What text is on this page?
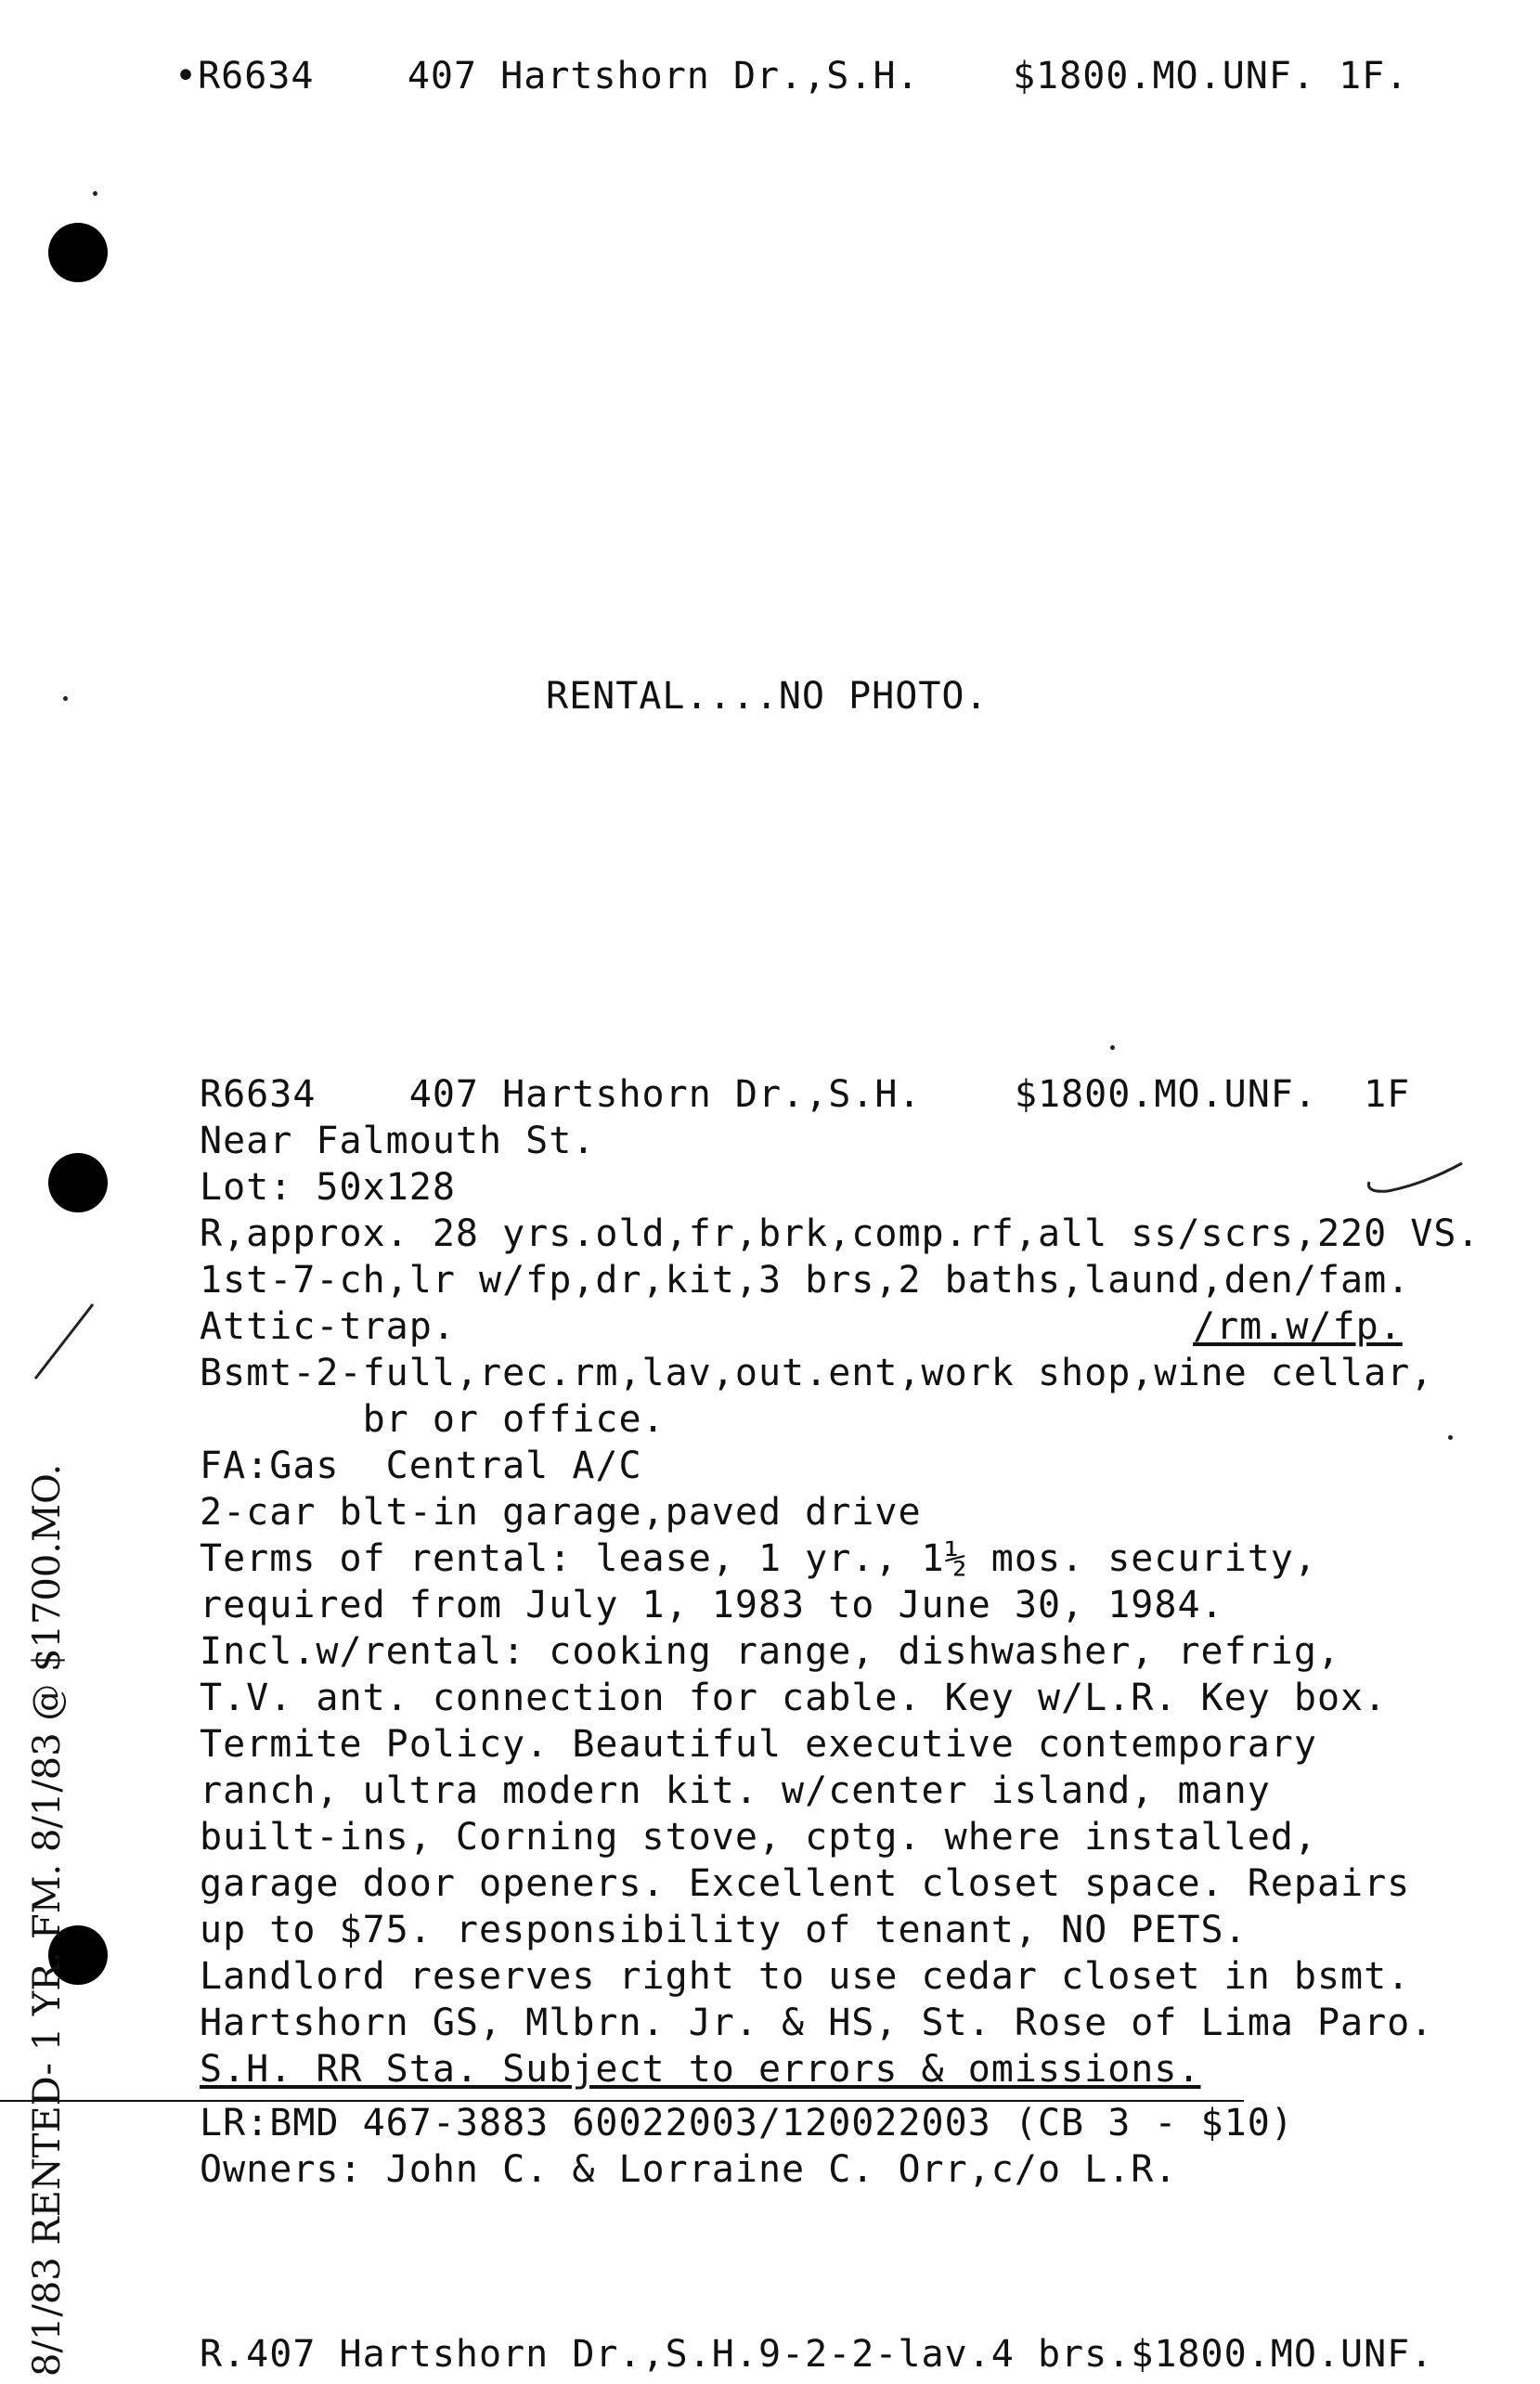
•R6634    407 Hartshorn Dr.,S.H.    $1800.MO.UNF. 1F.
RENTAL....NO PHOTO.
R6634    407 Hartshorn Dr.,S.H.    $1800.MO.UNF.  1F
Near Falmouth St.
Lot: 50x128
R,approx. 28 yrs.old,fr,brk,comp.rf,all ss/scrs,220 VS.
1st-7-ch,lr w/fp,dr,kit,3 brs,2 baths,laund,den/fam.
Attic-trap.	/rm.w/fp.
Bsmt-2-full,rec.rm,lav,out.ent,work shop,wine cellar,
br or office.
FA:Gas  Central A/C
2-car blt-in garage,paved drive
Terms of rental: lease, 1 yr., 1½ mos. security,
required from July 1, 1983 to June 30, 1984.
Incl.w/rental: cooking range, dishwasher, refrig,
T.V. ant. connection for cable. Key w/L.R. Key box.
Termite Policy. Beautiful executive contemporary
ranch, ultra modern kit. w/center island, many
built-ins, Corning stove, cptg. where installed,
garage door openers. Excellent closet space. Repairs
up to $75. responsibility of tenant, NO PETS.
Landlord reserves right to use cedar closet in bsmt.
Hartshorn GS, Mlbrn. Jr. & HS, St. Rose of Lima Paro.
S.H. RR Sta. Subject to errors & omissions.
LR:BMD 467-3883 60022003/120022003 (CB 3 - $10)
Owners: John C. & Lorraine C. Orr,c/o L.R.
R.407 Hartshorn Dr.,S.H.9-2-2-lav.4 brs.$1800.MO.UNF.
8/1/83 RENTED- 1 YR. FM. 8/1/83 @ $1700.MO.
